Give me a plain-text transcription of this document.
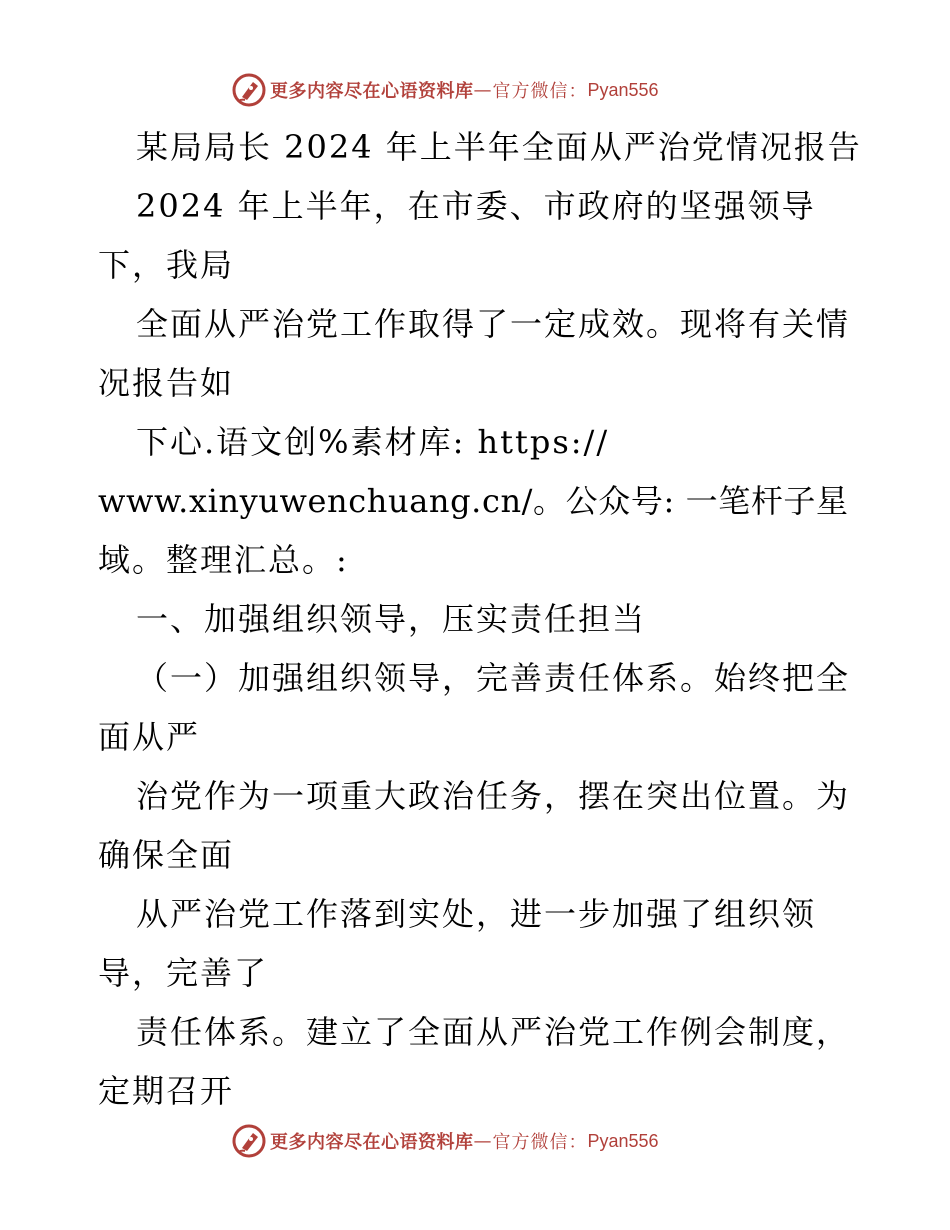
更多内容尽在心语资料库 — 官方微信： Pyan556
某局局长 2024 年上半年全面从严治党情况报告
2024 年上半年，在市委、市政府的坚强领导
下，我局
全面从严治党工作取得了一定成效。现将有关情
况报告如
下心.语文创%素材库: https://
www.xinyuwenchuang.cn/。公众号: 一笔杆子星
域。整理汇总。:
一、加强组织领导，压实责任担当
（一）加强组织领导，完善责任体系。始终把全
面从严
治党作为一项重大政治任务，摆在突出位置。为
确保全面
从严治党工作落到实处，进一步加强了组织领
导，完善了
责任体系。建立了全面从严治党工作例会制度，
定期召开
更多内容尽在心语资料库 — 官方微信： Pyan556
